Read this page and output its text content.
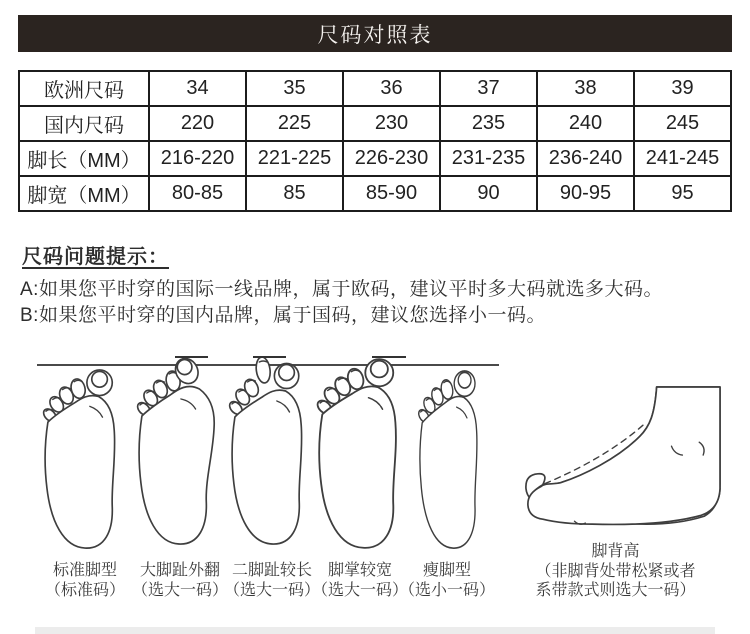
尺码对照表
欧洲尺码	34	35	36	37	38	39
国内尺码	220	225	230	235	240	245
脚长（MM）	216-220	221-225	226-230	231-235	236-240	241-245
脚宽（MM）	80-85	85	85-90	90	90-95	95
尺码问题提示：
A:如果您平时穿的国际一线品牌，属于欧码，建议平时多大码就选多大码。
B:如果您平时穿的国内品牌，属于国码，建议您选择小一码。
标准脚型
（标准码）
大脚趾外翻
（选大一码）
二脚趾较长
（选大一码）
脚掌较宽
（选大一码）
瘦脚型
（选小一码）
脚背高
（非脚背处带松紧或者
系带款式则选大一码）
